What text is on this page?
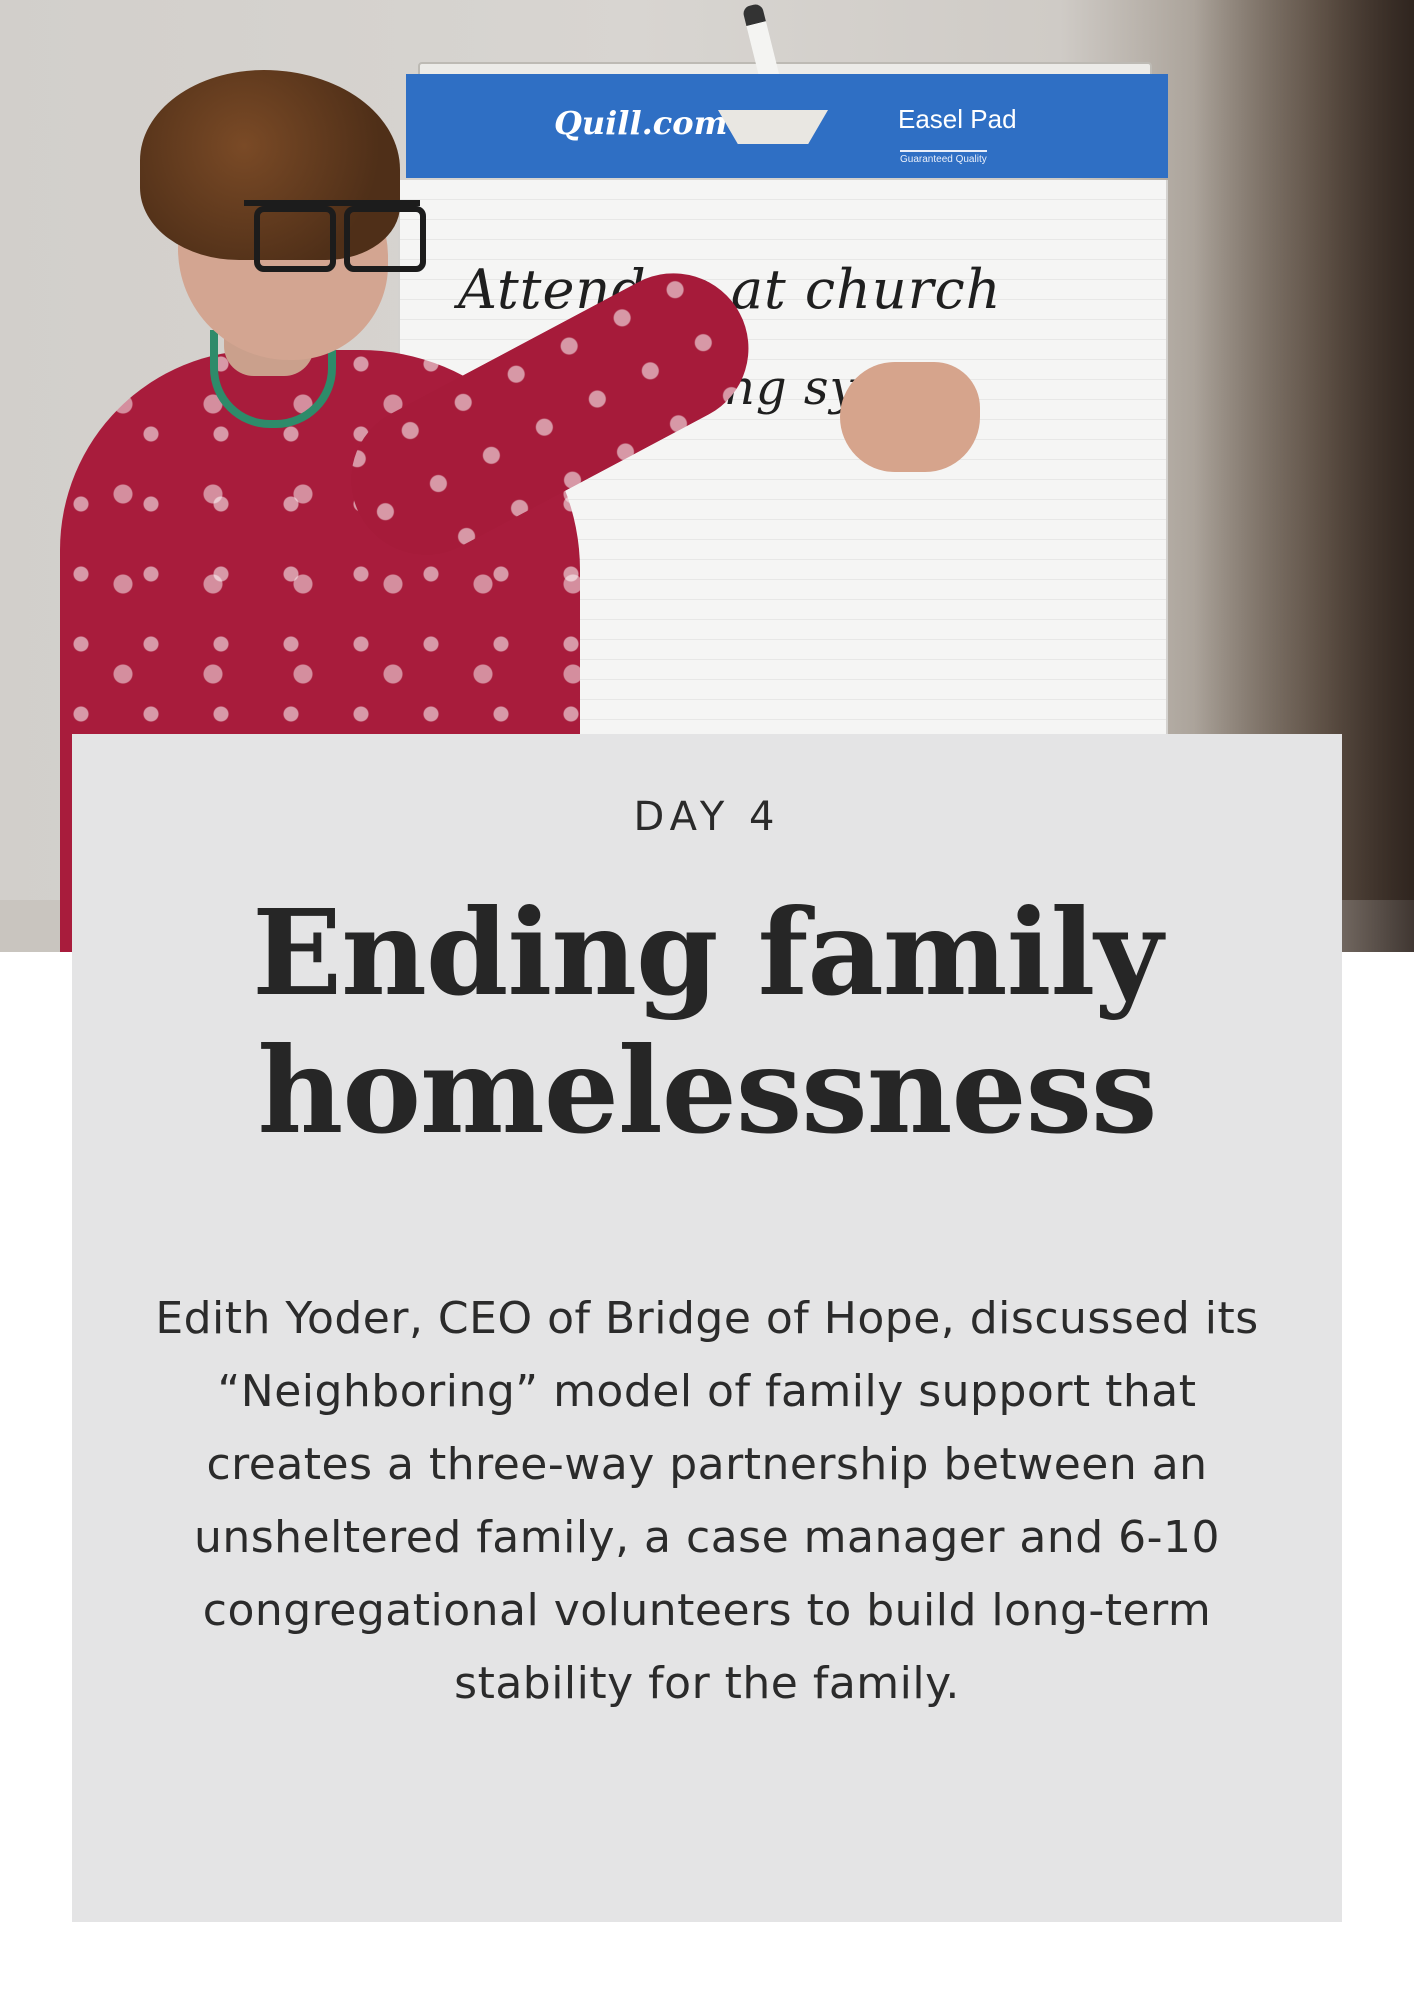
Quill.com	Easel Pad
Guaranteed Quality
Attendee at church
sy

DAY 4

Ending family
homelessness

Edith Yoder, CEO of Bridge of Hope, discussed its “Neighboring” model of family support that creates a three-way partnership between an unsheltered family, a case manager and 6-10 congregational volunteers to build long-term stability for the family.
